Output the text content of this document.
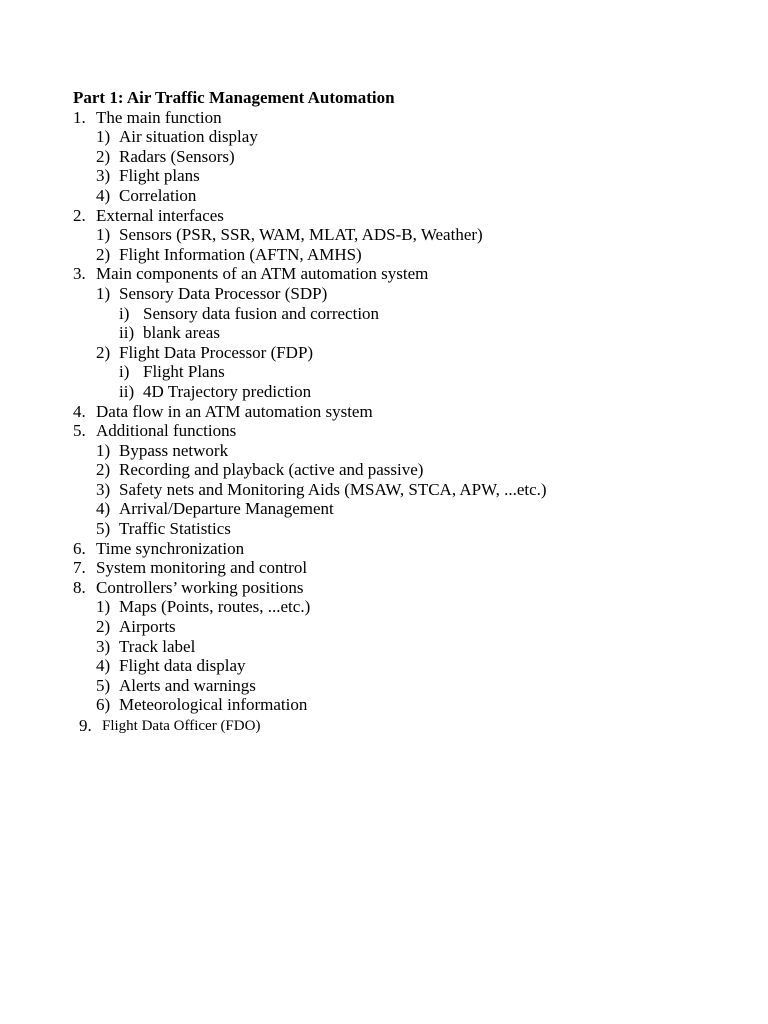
Part 1: Air Traffic Management Automation
1. The main function
1) Air situation display
2) Radars (Sensors)
3) Flight plans
4) Correlation
2. External interfaces
1) Sensors (PSR, SSR, WAM, MLAT, ADS-B, Weather)
2) Flight Information (AFTN, AMHS)
3. Main components of an ATM automation system
1) Sensory Data Processor (SDP)
i) Sensory data fusion and correction
ii) blank areas
2) Flight Data Processor (FDP)
i) Flight Plans
ii) 4D Trajectory prediction
4. Data flow in an ATM automation system
5. Additional functions
1) Bypass network
2) Recording and playback (active and passive)
3) Safety nets and Monitoring Aids (MSAW, STCA, APW, ...etc.)
4) Arrival/Departure Management
5) Traffic Statistics
6. Time synchronization
7. System monitoring and control
8. Controllers’ working positions
1) Maps (Points, routes, ...etc.)
2) Airports
3) Track label
4) Flight data display
5) Alerts and warnings
6) Meteorological information
9. Flight Data Officer (FDO)
